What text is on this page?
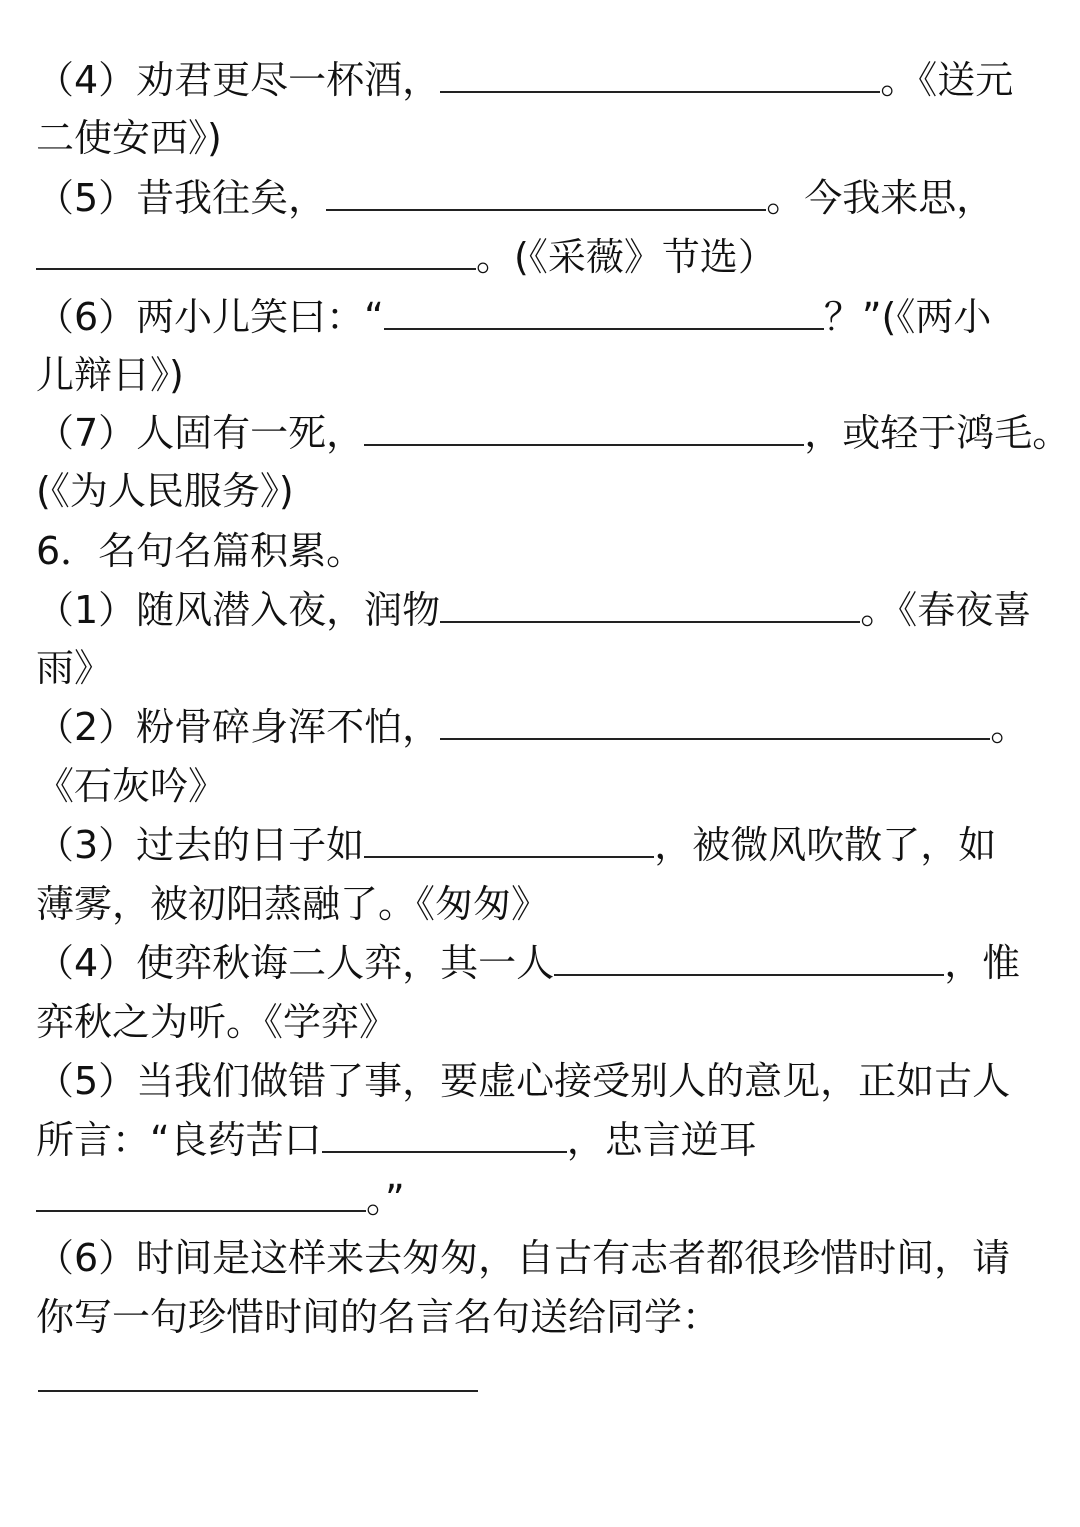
（4）劝君更尽一杯酒，	。《送元
二使安西》)
（5）昔我往矣，	。今我来思，
。(《采薇》节选）
（6）两小儿笑曰：“	？”(《两小
儿辩日》)
（7）人固有一死，	，或轻于鸿毛。
(《为人民服务》)
6．名句名篇积累。
（1）随风潜入夜，润物	。《春夜喜
雨》
（2）粉骨碎身浑不怕，	。
《石灰吟》
（3）过去的日子如	，被微风吹散了，如
薄雾，被初阳蒸融了。《匆匆》
（4）使弈秋诲二人弈，其一人	，惟
弈秋之为听。《学弈》
（5）当我们做错了事，要虚心接受别人的意见，正如古人
所言：“良药苦口	，忠言逆耳
。”
（6）时间是这样来去匆匆，自古有志者都很珍惜时间，请
你写一句珍惜时间的名言名句送给同学：
